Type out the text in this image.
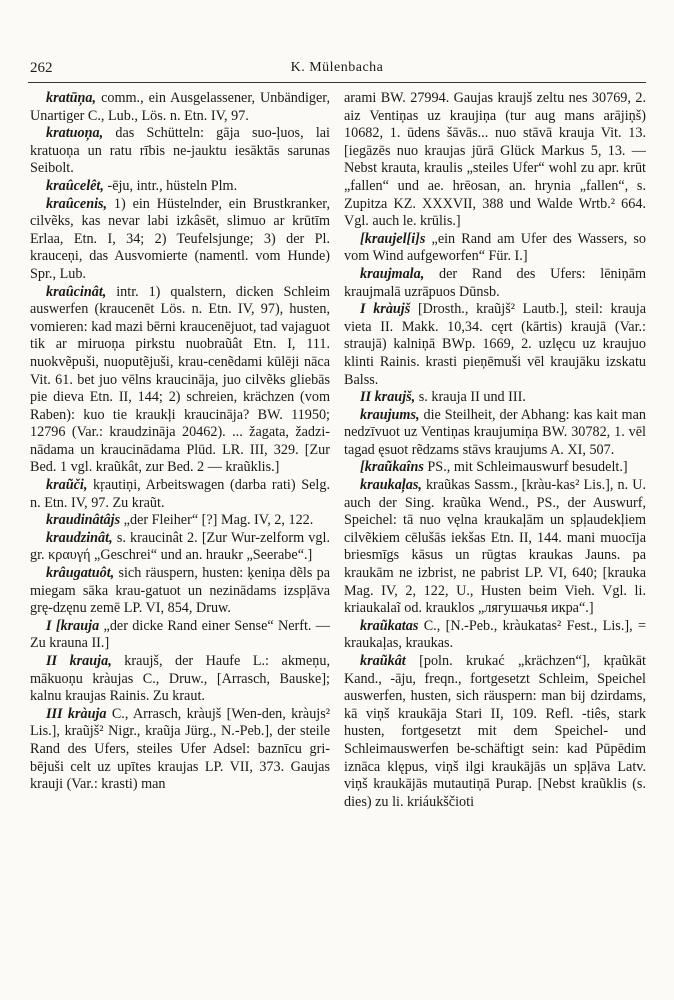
262	K. Mülenbacha

kratūņa, comm., ein Ausgelassener, Unbändiger, Unartiger C., Lub., Lös. n. Etn. IV, 97.

kratuoņa, das Schütteln: gāja suo-ļuos, lai kratuoņa un ratu rībis ne-jauktu iesāktās sarunas Seibolt.

kraûcelêt, -ēju, intr., hüsteln Plm.

kraûcenis, 1) ein Hüstelnder, ein Brustkranker, cilvẽks, kas nevar labi izkâsēt, slimuo ar krūtīm Erlaa, Etn. I, 34; 2) Teufelsjunge; 3) der Pl. krauceņi, das Ausvomierte (namentl. vom Hunde) Spr., Lub.

kraûcinât, intr. 1) qualstern, dicken Schleim auswerfen (kraucenēt Lös. n. Etn. IV, 97), husten, vomieren: kad mazi bērni kraucenējuot, tad vajaguot tik ar miruoņa pirkstu nuobraũât Etn. I, 111. nuokvẽpuši, nuoputẽjuši, krau-cenẽdami kūlēji nāca Vit. 61. bet juo vēlns kraucināja, juo cilvẽks gliebās pie dieva Etn. II, 144; 2) schreien, krächzen (vom Raben): kuo tie kraukļi kraucināja? BW. 11950; 12796 (Var.: kraudzināja 20462). ... žagata, žadzi-nādama un kraucinādama Plūd. LR. III, 329. [Zur Bed. 1 vgl. kraũkât, zur Bed. 2 — kraũklis.]

kraũči, kŗautiņi, Arbeitswagen (darba rati) Selg. n. Etn. IV, 97. Zu kraũt.

kraudinâtâjs „der Fleiher“ [?] Mag. IV, 2, 122.

kraudzinât, s. kraucinât 2. [Zur Wur-zelform vgl. gr. κραυγή „Geschrei“ und an. hraukr „Seerabe“.]

krâugatuôt, sich räuspern, husten: ķeniņa dẽls pa miegam sāka krau-gatuot un nezinādams izspļāva grę-dzęnu zemē LP. VI, 854, Druw.

I [krauja „der dicke Rand einer Sense“ Nerft. — Zu krauna II.]

II krauja, kraujš, der Haufe L.: akmeņu, mākuoņu kràujas C., Druw., [Arrasch, Bauske]; kalnu kraujas Rainis. Zu kraut.

III kràuja C., Arrasch, kràujš [Wen-den, kràujs² Lis.], kraũjš² Nigr., kraũja Jürg., N.-Peb.], der steile Rand des Ufers, steiles Ufer Adsel: baznīcu gri-bējuši celt uz upītes kraujas LP. VII, 373. Gaujas krauji (Var.: krasti) man

arami BW. 27994. Gaujas kraujš zeltu nes 30769, 2. aiz Ventiņas uz kraujiņa (tur aug mans arājiņš) 10682, 1. ūdens šāvās... nuo stāvā krauja Vit. 13. [iegāzēs nuo kraujas jūrā Glück Markus 5, 13. — Nebst krauta, kraulis „steiles Ufer“ wohl zu apr. krūt „fallen“ und ae. hrēosan, an. hrynia „fallen“, s. Zupitza KZ. XXXVII, 388 und Walde Wrtb.² 664. Vgl. auch le. krūlis.]

[kraujel[i]s „ein Rand am Ufer des Wassers, so vom Wind aufgeworfen“ Für. I.]

kraujmala, der Rand des Ufers: lēniņām kraujmalā uzrāpuos Dūnsb.

I kràujš [Drosth., kraũjš² Lautb.], steil: krauja vieta II. Makk. 10,34. cęrt (kārtis) kraujā (Var.: straujā) kalniņā BWp. 1669, 2. uzlęcu uz kraujuo klinti Rainis. krasti pieņēmuši vēl kraujāku izskatu Balss.

II kraujš, s. krauja II und III.

kraujums, die Steilheit, der Abhang: kas kait man nedzīvuot uz Ventiņas kraujumiņa BW. 30782, 1. vēl tagad ęsuot rẽdzams stāvs kraujums A. XI, 507.

[kraũkaîns PS., mit Schleimauswurf besudelt.]

kraukaļas, kraũkas Sassm., [kràu-kas² Lis.], n. U. auch der Sing. kraũka Wend., PS., der Auswurf, Speichel: tā nuo vęlna kraukaļām un spļaudekļiem cilvẽkiem cēlušās iekšas Etn. II, 144. mani muocīja briesmīgs kāsus un rūgtas kraukas Jauns. pa kraukām ne izbrist, ne pabrist LP. VI, 640; [krauka Mag. IV, 2, 122, U., Husten beim Vieh. Vgl. li. kriaukalaĩ od. krauklos „лягушачья икра“.]

kraũkatas C., [N.-Peb., kràukatas² Fest., Lis.], = kraukaļas, kraukas.

kraũkât [poln. krukać „krächzen“], kŗaũkāt Kand., -āju, freqn., fortgesetzt Schleim, Speichel auswerfen, husten, sich räuspern: man bij dzirdams, kā viņš kraukāja Stari II, 109. Refl. -tiês, stark husten, fortgesetzt mit dem Speichel- und Schleimauswerfen be-schäftigt sein: kad Pūpēdim iznāca klępus, viņš ilgi kraukājās un spļāva Latv. viņš kraukājās mutautiņā Purap. [Nebst kraũklis (s. dies) zu li. kriáukščioti
